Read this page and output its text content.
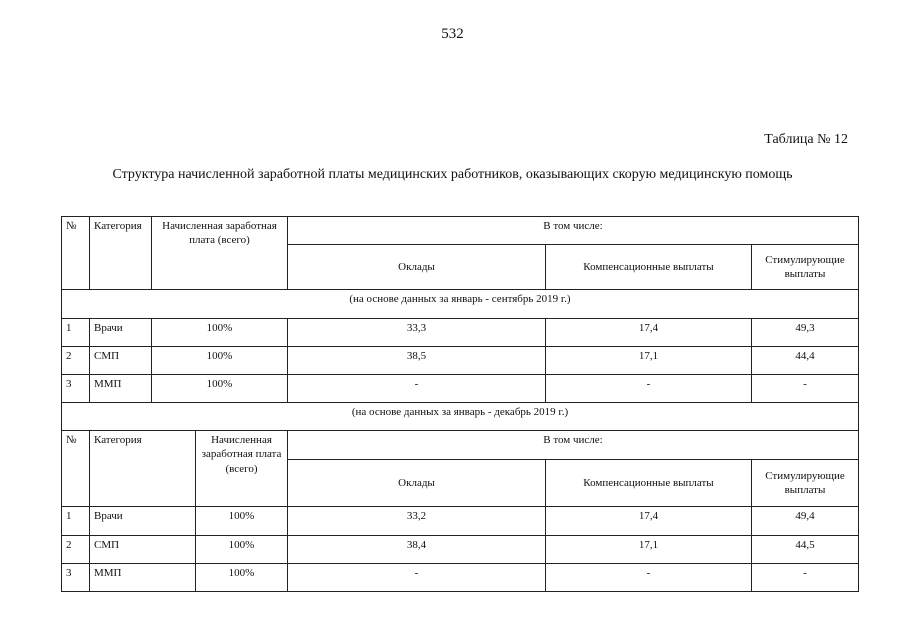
532
Таблица № 12
Структура начисленной заработной платы медицинских работников, оказывающих скорую медицинскую помощь
№	Категория	Начисленная заработная плата (всего)	В том числе:		
			Оклады	Компенсационные выплаты	Стимулирующие выплаты
(на основе данных за январь - сентябрь 2019 г.)					
1	Врачи	100%	33,3	17,4	49,3
2	СМП	100%	38,5	17,1	44,4
3	ММП	100%	-	-	-
(на основе данных за январь - декабрь 2019 г.)					
№	Категория	Начисленная заработная плата (всего)	В том числе:		
			Оклады	Компенсационные выплаты	Стимулирующие выплаты
1	Врачи	100%	33,2	17,4	49,4
2	СМП	100%	38,4	17,1	44,5
3	ММП	100%	-	-	-
